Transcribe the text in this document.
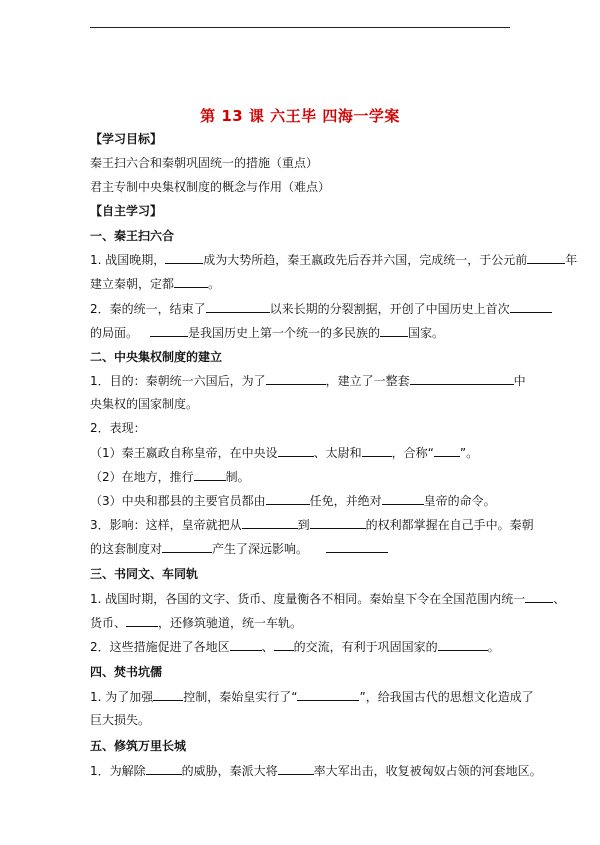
第 13 课 六王毕 四海一学案
【学习目标】
秦王扫六合和秦朝巩固统一的措施（重点）
君主专制中央集权制度的概念与作用（难点）
【自主学习】
一、秦王扫六合
1. 战国晚期，	成为大势所趋，秦王嬴政先后吞并六国，完成统一，于公元前	年
建立秦朝，定都	。
2．秦的统一，结束了	以来长期的分裂割据，开创了中国历史上首次
的局面。	是我国历史上第一个统一的多民族的 国家。
二、中央集权制度的建立
1．目的：秦朝统一六国后，为了	，建立了一整套	中
央集权的国家制度。
2．表现：
（1）秦王嬴政自称皇帝，在中央设	、太尉和	，合称“ ”。
（2）在地方，推行	制。
（3）中央和郡县的主要官员都由	任免，并绝对	皇帝的命令。
3．影响：这样，皇帝就把从	到	的权利都掌握在自己手中。秦朝
的这套制度对	产生了深远影响。
三、书同文、车同轨
1. 战国时期，各国的文字、货币、度量衡各不相同。秦始皇下令在全国范围内统一 、
货币、	，还修筑驰道，统一车轨。
2．这些措施促进了各地区	、 的交流，有利于巩固国家的	。
四、焚书坑儒
1. 为了加强	控制，秦始皇实行了“	”，给我国古代的思想文化造成了
巨大损失。
五、修筑万里长城
1．为解除	的威胁，秦派大将	率大军出击，收复被匈奴占领的河套地区。
